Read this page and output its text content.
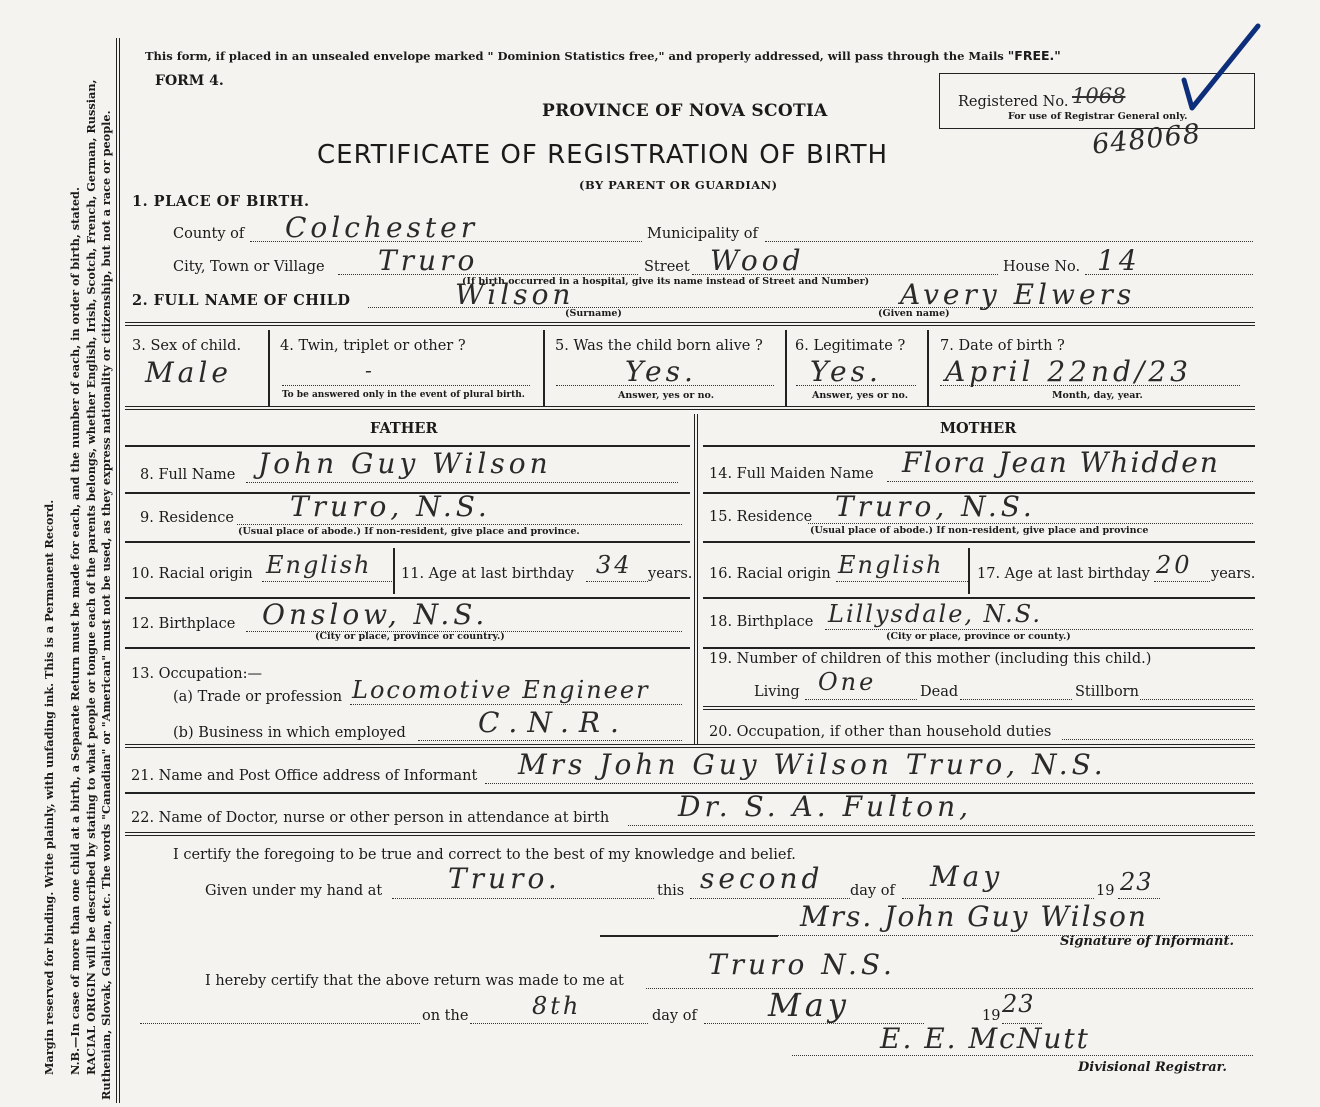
Margin reserved for binding. Write plainly, with unfading ink. This is a Permanent Record. N.B.—In case of more than one child at a birth, a Separate Return must be made for each, and the number of each, in order of birth, stated. RACIAL ORIGIN will be described by stating to what people or tongue each of the parents belongs, whether English, Irish, Scotch, French, German, Russian, Ruthenian, Slovak, Galician, etc. The words "Canadian" or "American" must not be used, as they express nationality or citizenship, but not a race or people.
This form, if placed in an unsealed envelope marked " Dominion Statistics free," and properly addressed, will pass through the Mails "FREE."
FORM 4.
PROVINCE OF NOVA SCOTIA	Registered No. 1068
For use of Registrar General only.
648068
CERTIFICATE OF REGISTRATION OF BIRTH
(BY PARENT OR GUARDIAN)
1. PLACE OF BIRTH.
County of Colchester	Municipality of
City, Town or Village Truro	Street Wood	House No. 14
(If birth occurred in a hospital, give its name instead of Street and Number)
2. FULL NAME OF CHILD	Wilson
(Surname)
Avery Elwers
(Given name)
3. Sex of child.
Male
4. Twin, triplet or other ?
-
To be answered only in the event of plural birth.
5. Was the child born alive ?
Yes.
Answer, yes or no.
6. Legitimate ?
Yes.
Answer, yes or no.
7. Date of birth ?
April 22nd/23
Month, day, year.
FATHER	MOTHER
8. Full Name John Guy Wilson
9. Residence Truro, N.S.
(Usual place of abode.) If non-resident, give place and province.
10. Racial origin English 11. Age at last birthday 34 years.
12. Birthplace Onslow, N.S.
(City or place, province or country.)
13. Occupation:—
(a) Trade or profession Locomotive Engineer
(b) Business in which employed	C.N.R.
14. Full Maiden Name Flora Jean Whidden
15. Residence Truro, N.S.
(Usual place of abode.) If non-resident, give place and province
16. Racial origin English 17. Age at last birthday 20 years.
18. Birthplace Lillysdale, N.S.
(City or place, province or county.)
19. Number of children of this mother (including this child.)
Living One	Dead	Stillborn
20. Occupation, if other than household duties
21. Name and Post Office address of Informant Mrs John Guy Wilson Truro, N.S.
22. Name of Doctor, nurse or other person in attendance at birth Dr. S. A. Fulton,
I certify the foregoing to be true and correct to the best of my knowledge and belief.
Given under my hand at Truro.	this second day of May	19 23
Mrs. John Guy Wilson
Signature of Informant.
I hereby certify that the above return was made to me at	Truro N.S.
on the	8th	day of May	19 23
E. E. McNutt
Divisional Registrar.
